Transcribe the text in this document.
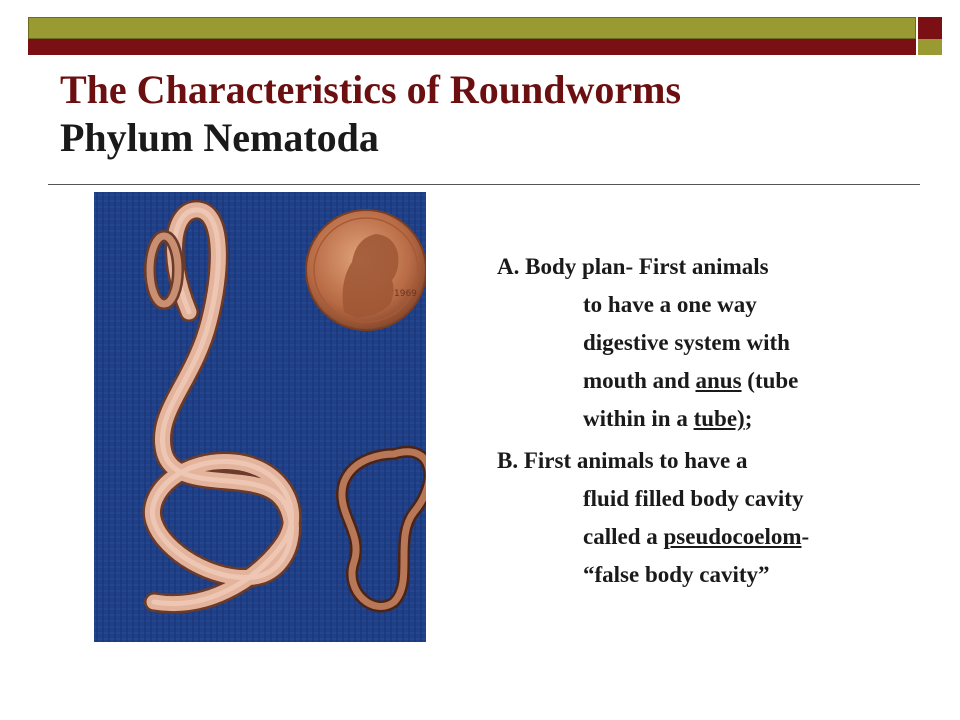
The Characteristics of Roundworms
Phylum Nematoda
1969
A. Body plan- First animals
to have a one way
digestive system with
mouth and anus (tube
within in a tube);
B. First animals to have a
fluid filled body cavity
called a pseudocoelom-
“false body cavity”
